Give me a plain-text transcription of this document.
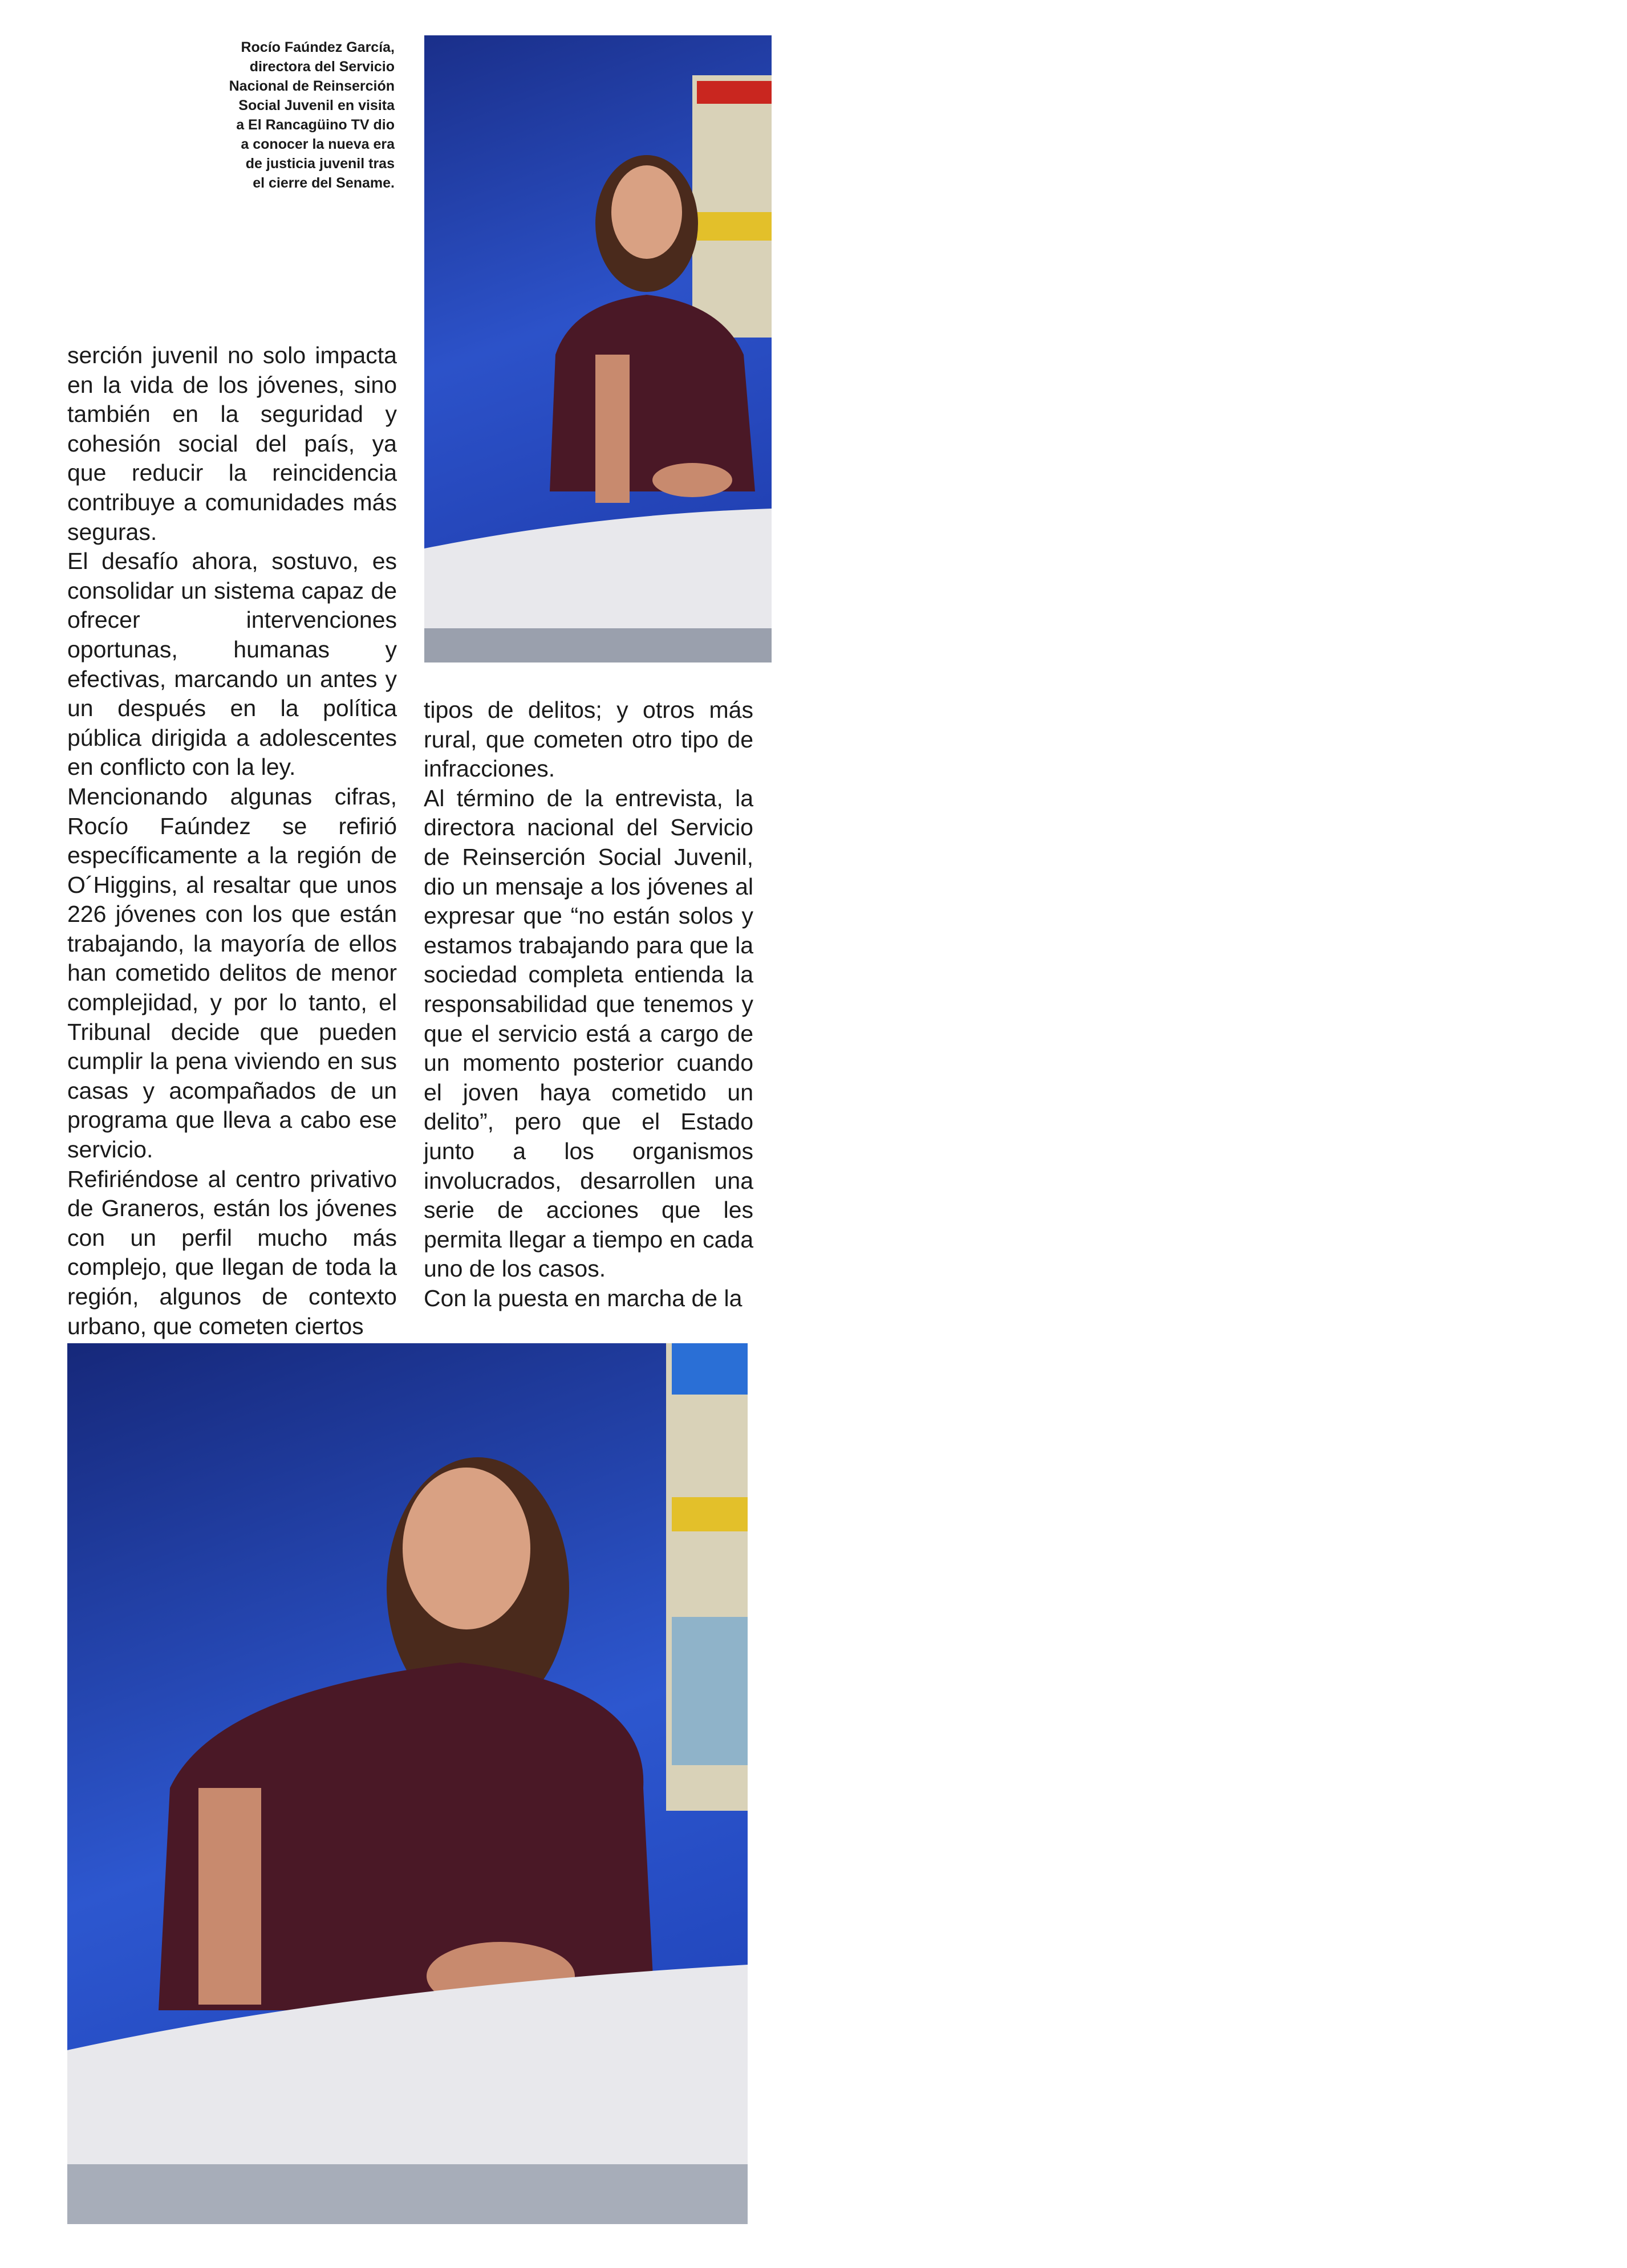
Rocío Faúndez García,
directora del Servicio
Nacional de Reinserción
Social Juvenil en visita
a El Rancagüino TV dio
a conocer la nueva era
de justicia juvenil tras
el cierre del Sename.

serción juvenil no solo impacta en la vida de los jóvenes, sino también en la seguridad y cohesión social del país, ya que reducir la reincidencia contribuye a comunidades más seguras.

El desafío ahora, sostuvo, es consolidar un sistema capaz de ofrecer intervenciones oportunas, humanas y efectivas, marcando un antes y un después en la política pública dirigida a adolescentes en conflicto con la ley.

Mencionando algunas cifras, Rocío Faúndez se refirió específicamente a la región de O´Higgins, al resaltar que unos 226 jóvenes con los que están trabajando, la mayoría de ellos han cometido delitos de menor complejidad, y por lo tanto, el Tribunal decide que pueden cumplir la pena viviendo en sus casas y acompañados de un programa que lleva a cabo ese servicio.

Refiriéndose al centro privativo de Graneros, están los jóvenes con un perfil mucho más complejo, que llegan de toda la región, algunos de contexto urbano, que cometen ciertos

tipos de delitos; y otros más rural, que cometen otro tipo de infracciones.

Al término de la entrevista, la directora nacional del Servicio de Reinserción Social Juvenil, dio un mensaje a los jóvenes al expresar que “no están solos y estamos trabajando para que la sociedad completa entienda la responsabilidad que tenemos y que el servicio está a cargo de un momento posterior cuando el joven haya cometido un delito”, pero que el Estado junto a los organismos involucrados, desarrollen una serie de acciones que les permita llegar a tiempo en cada uno de los casos.

Con la puesta en marcha de la
